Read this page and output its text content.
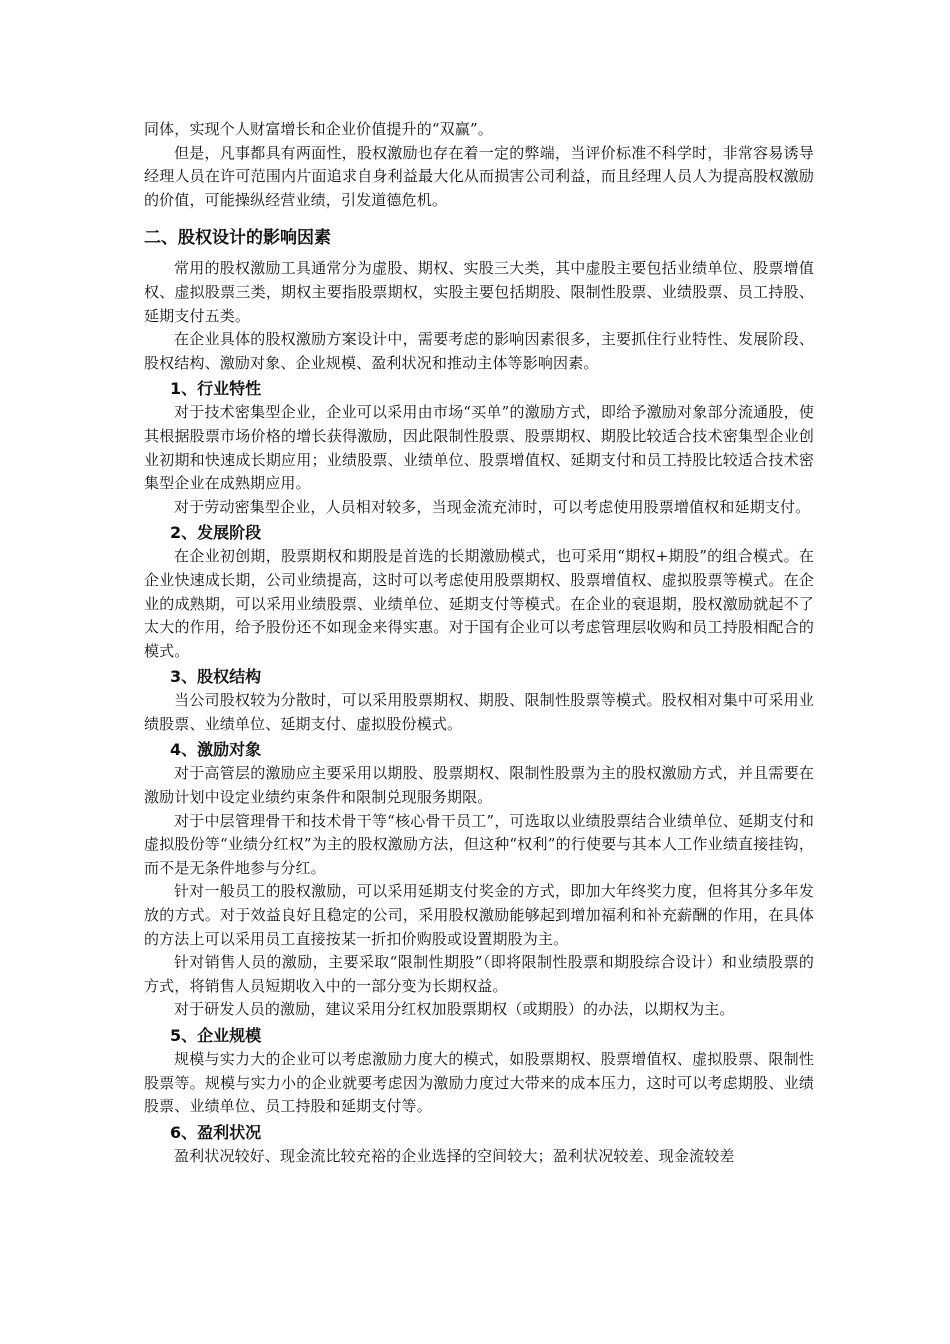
同体，实现个人财富增长和企业价值提升的“双赢”。

但是，凡事都具有两面性，股权激励也存在着一定的弊端，当评价标准不科学时，非常容易诱导经理人员在许可范围内片面追求自身利益最大化从而损害公司利益，而且经理人员人为提高股权激励的价值，可能操纵经营业绩，引发道德危机。

二、股权设计的影响因素

常用的股权激励工具通常分为虚股、期权、实股三大类，其中虚股主要包括业绩单位、股票增值权、虚拟股票三类，期权主要指股票期权，实股主要包括期股、限制性股票、业绩股票、员工持股、延期支付五类。

在企业具体的股权激励方案设计中，需要考虑的影响因素很多，主要抓住行业特性、发展阶段、股权结构、激励对象、企业规模、盈利状况和推动主体等影响因素。

1、行业特性

对于技术密集型企业，企业可以采用由市场“买单”的激励方式，即给予激励对象部分流通股，使其根据股票市场价格的增长获得激励，因此限制性股票、股票期权、期股比较适合技术密集型企业创业初期和快速成长期应用；业绩股票、业绩单位、股票增值权、延期支付和员工持股比较适合技术密集型企业在成熟期应用。

对于劳动密集型企业，人员相对较多，当现金流充沛时，可以考虑使用股票增值权和延期支付。

2、发展阶段

在企业初创期，股票期权和期股是首选的长期激励模式，也可采用“期权+期股”的组合模式。在企业快速成长期，公司业绩提高，这时可以考虑使用股票期权、股票增值权、虚拟股票等模式。在企业的成熟期，可以采用业绩股票、业绩单位、延期支付等模式。在企业的衰退期，股权激励就起不了太大的作用，给予股份还不如现金来得实惠。对于国有企业可以考虑管理层收购和员工持股相配合的模式。

3、股权结构

当公司股权较为分散时，可以采用股票期权、期股、限制性股票等模式。股权相对集中可采用业绩股票、业绩单位、延期支付、虚拟股份模式。

4、激励对象

对于高管层的激励应主要采用以期股、股票期权、限制性股票为主的股权激励方式，并且需要在激励计划中设定业绩约束条件和限制兑现服务期限。

对于中层管理骨干和技术骨干等“核心骨干员工”，可选取以业绩股票结合业绩单位、延期支付和虚拟股份等“业绩分红权”为主的股权激励方法，但这种“权利”的行使要与其本人工作业绩直接挂钩，而不是无条件地参与分红。

针对一般员工的股权激励，可以采用延期支付奖金的方式，即加大年终奖力度，但将其分多年发放的方式。对于效益良好且稳定的公司，采用股权激励能够起到增加福利和补充薪酬的作用，在具体的方法上可以采用员工直接按某一折扣价购股或设置期股为主。

针对销售人员的激励，主要采取“限制性期股”（即将限制性股票和期股综合设计）和业绩股票的方式，将销售人员短期收入中的一部分变为长期权益。

对于研发人员的激励，建议采用分红权加股票期权（或期股）的办法，以期权为主。

5、企业规模

规模与实力大的企业可以考虑激励力度大的模式，如股票期权、股票增值权、虚拟股票、限制性股票等。规模与实力小的企业就要考虑因为激励力度过大带来的成本压力，这时可以考虑期股、业绩股票、业绩单位、员工持股和延期支付等。

6、盈利状况

盈利状况较好、现金流比较充裕的企业选择的空间较大；盈利状况较差、现金流较差
